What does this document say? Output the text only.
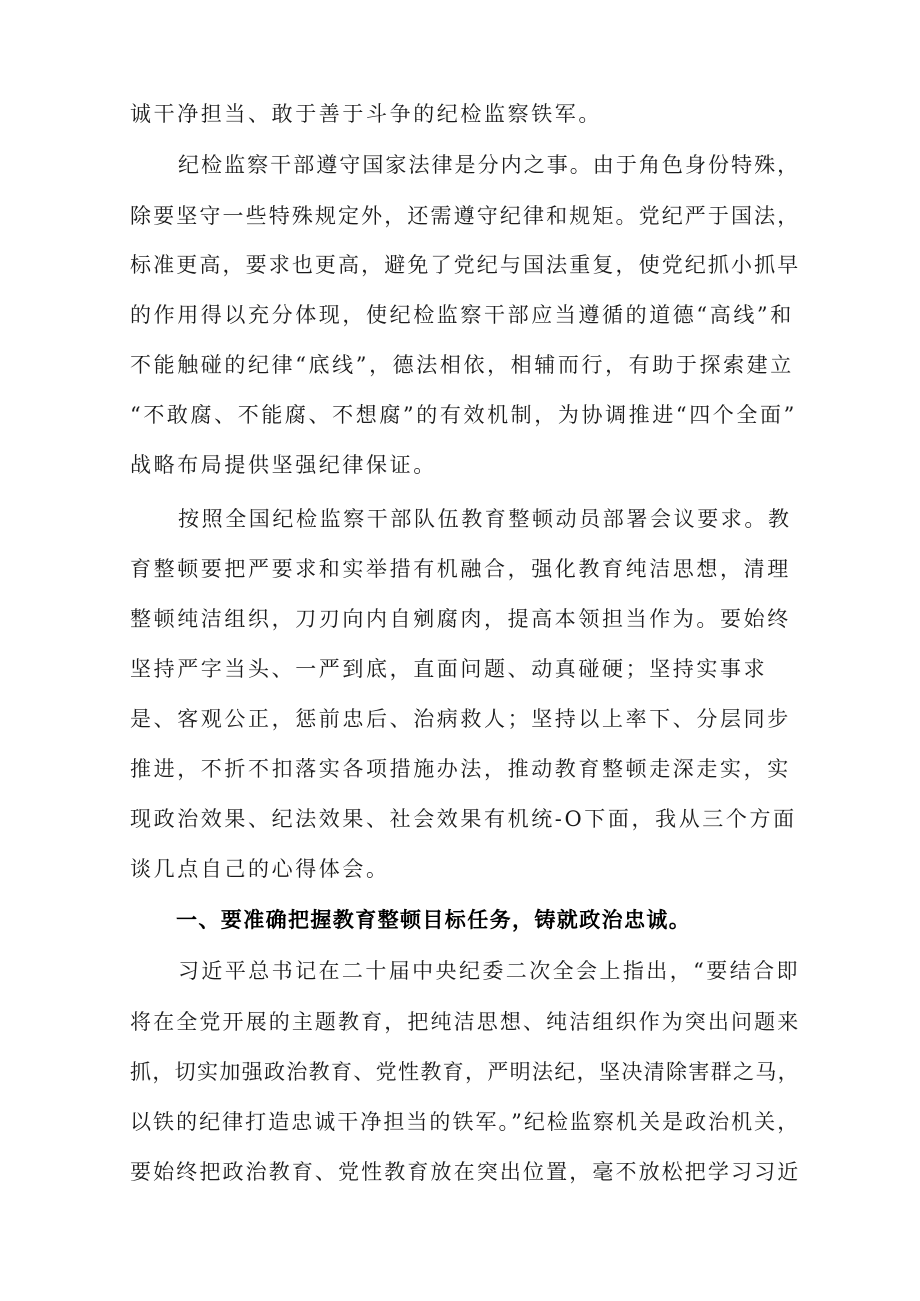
诚干净担当、敢于善于斗争的纪检监察铁军。
纪检监察干部遵守国家法律是分内之事。由于角色身份特殊，
除要坚守一些特殊规定外，还需遵守纪律和规矩。党纪严于国法，
标准更高，要求也更高，避免了党纪与国法重复，使党纪抓小抓早
的作用得以充分体现，使纪检监察干部应当遵循的道德“高线”和
不能触碰的纪律“底线”，德法相依，相辅而行，有助于探索建立
“不敢腐、不能腐、不想腐”的有效机制，为协调推进“四个全面”
战略布局提供坚强纪律保证。
按照全国纪检监察干部队伍教育整顿动员部署会议要求。教
育整顿要把严要求和实举措有机融合，强化教育纯洁思想，清理
整顿纯洁组织，刀刃向内自剜腐肉，提高本领担当作为。要始终
坚持严字当头、一严到底，直面问题、动真碰硬；坚持实事求
是、客观公正，惩前忠后、治病救人；坚持以上率下、分层同步
推进，不折不扣落实各项措施办法，推动教育整顿走深走实，实
现政治效果、纪法效果、社会效果有机统-O下面，我从三个方面
谈几点自己的心得体会。
一、要准确把握教育整顿目标任务，铸就政治忠诚。
习近平总书记在二十届中央纪委二次全会上指出，“要结合即
将在全党开展的主题教育，把纯洁思想、纯洁组织作为突出问题来
抓，切实加强政治教育、党性教育，严明法纪，坚决清除害群之马，
以铁的纪律打造忠诚干净担当的铁军。”纪检监察机关是政治机关，
要始终把政治教育、党性教育放在突出位置，毫不放松把学习习近
